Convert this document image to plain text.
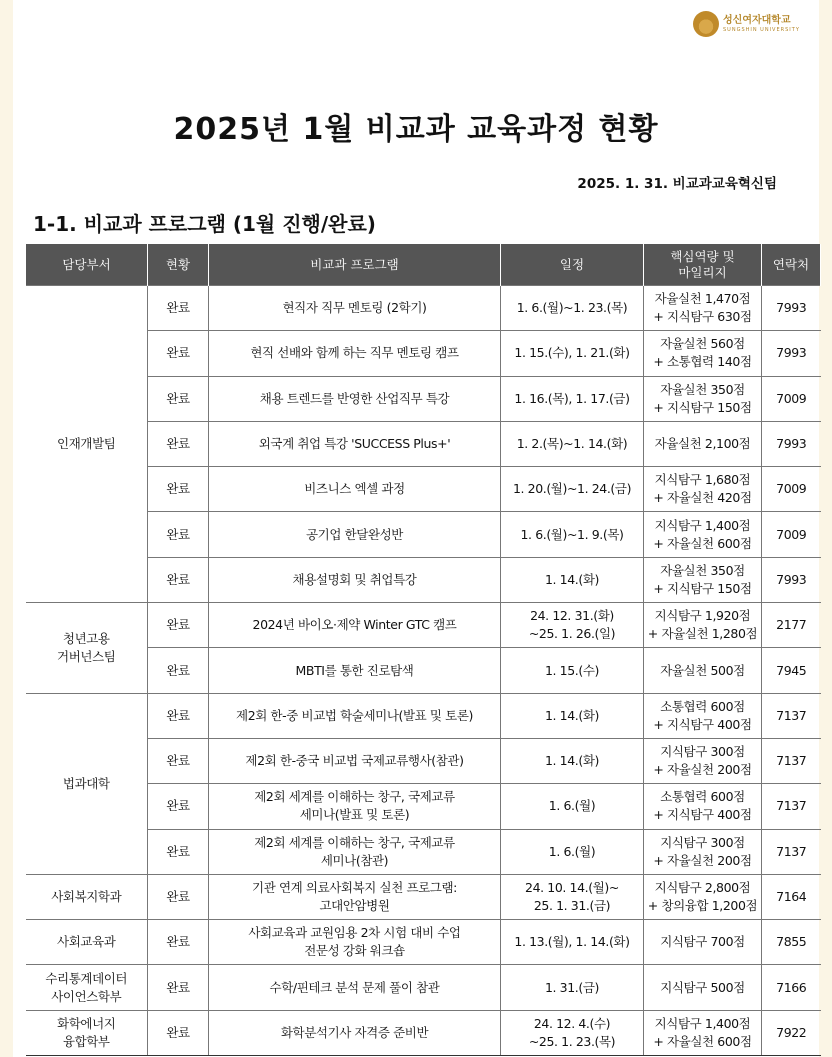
성신여자대학교
SUNGSHIN UNIVERSITY
2025년 1월 비교과 교육과정 현황
2025. 1. 31. 비교과교육혁신팀
1-1. 비교과 프로그램 (1월 진행/완료)
담당부서	현황	비교과 프로그램	일정	핵심역량 및
마일리지	연락처

인재개발팀	완료	현직자 직무 멘토링 (2학기)	1. 6.(월)~1. 23.(목)	자율실천 1,470점
+ 지식탐구 630점	7993
	완료	현직 선배와 함께 하는 직무 멘토링 캠프	1. 15.(수), 1. 21.(화)	자율실천 560점
+ 소통협력 140점	7993
	완료	채용 트렌드를 반영한 산업직무 특강	1. 16.(목), 1. 17.(금)	자율실천 350점
+ 지식탐구 150점	7009
	완료	외국계 취업 특강 'SUCCESS Plus+'	1. 2.(목)~1. 14.(화)	자율실천 2,100점	7993
	완료	비즈니스 엑셀 과정	1. 20.(월)~1. 24.(금)	지식탐구 1,680점
+ 자율실천 420점	7009
	완료	공기업 한달완성반	1. 6.(월)~1. 9.(목)	지식탐구 1,400점
+ 자율실천 600점	7009
	완료	채용설명회 및 취업특강	1. 14.(화)	자율실천 350점
+ 지식탐구 150점	7993

청년고용
거버넌스팀	완료	2024년 바이오·제약 Winter GTC 캠프	24. 12. 31.(화)
~25. 1. 26.(일)	지식탐구 1,920점
+ 자율실천 1,280점	2177
	완료	MBTI를 통한 진로탐색	1. 15.(수)	자율실천 500점	7945

법과대학	완료	제2회 한-중 비교법 학술세미나(발표 및 토론)	1. 14.(화)	소통협력 600점
+ 지식탐구 400점	7137
	완료	제2회 한-중국 비교법 국제교류행사(참관)	1. 14.(화)	지식탐구 300점
+ 자율실천 200점	7137
	완료	제2회 세계를 이해하는 창구, 국제교류
세미나(발표 및 토론)	1. 6.(월)	소통협력 600점
+ 지식탐구 400점	7137
	완료	제2회 세계를 이해하는 창구, 국제교류
세미나(참관)	1. 6.(월)	지식탐구 300점
+ 자율실천 200점	7137

사회복지학과	완료	기관 연계 의료사회복지 실천 프로그램:
고대안암병원	24. 10. 14.(월)~
25. 1. 31.(금)	지식탐구 2,800점
+ 창의융합 1,200점	7164

사회교육과	완료	사회교육과 교원임용 2차 시험 대비 수업
전문성 강화 워크숍	1. 13.(월), 1. 14.(화)	지식탐구 700점	7855

수리통계데이터
사이언스학부	완료	수학/핀테크 분석 문제 풀이 참관	1. 31.(금)	지식탐구 500점	7166

화학에너지
융합학부	완료	화학분석기사 자격증 준비반	24. 12. 4.(수)
~25. 1. 23.(목)	지식탐구 1,400점
+ 자율실천 600점	7922
